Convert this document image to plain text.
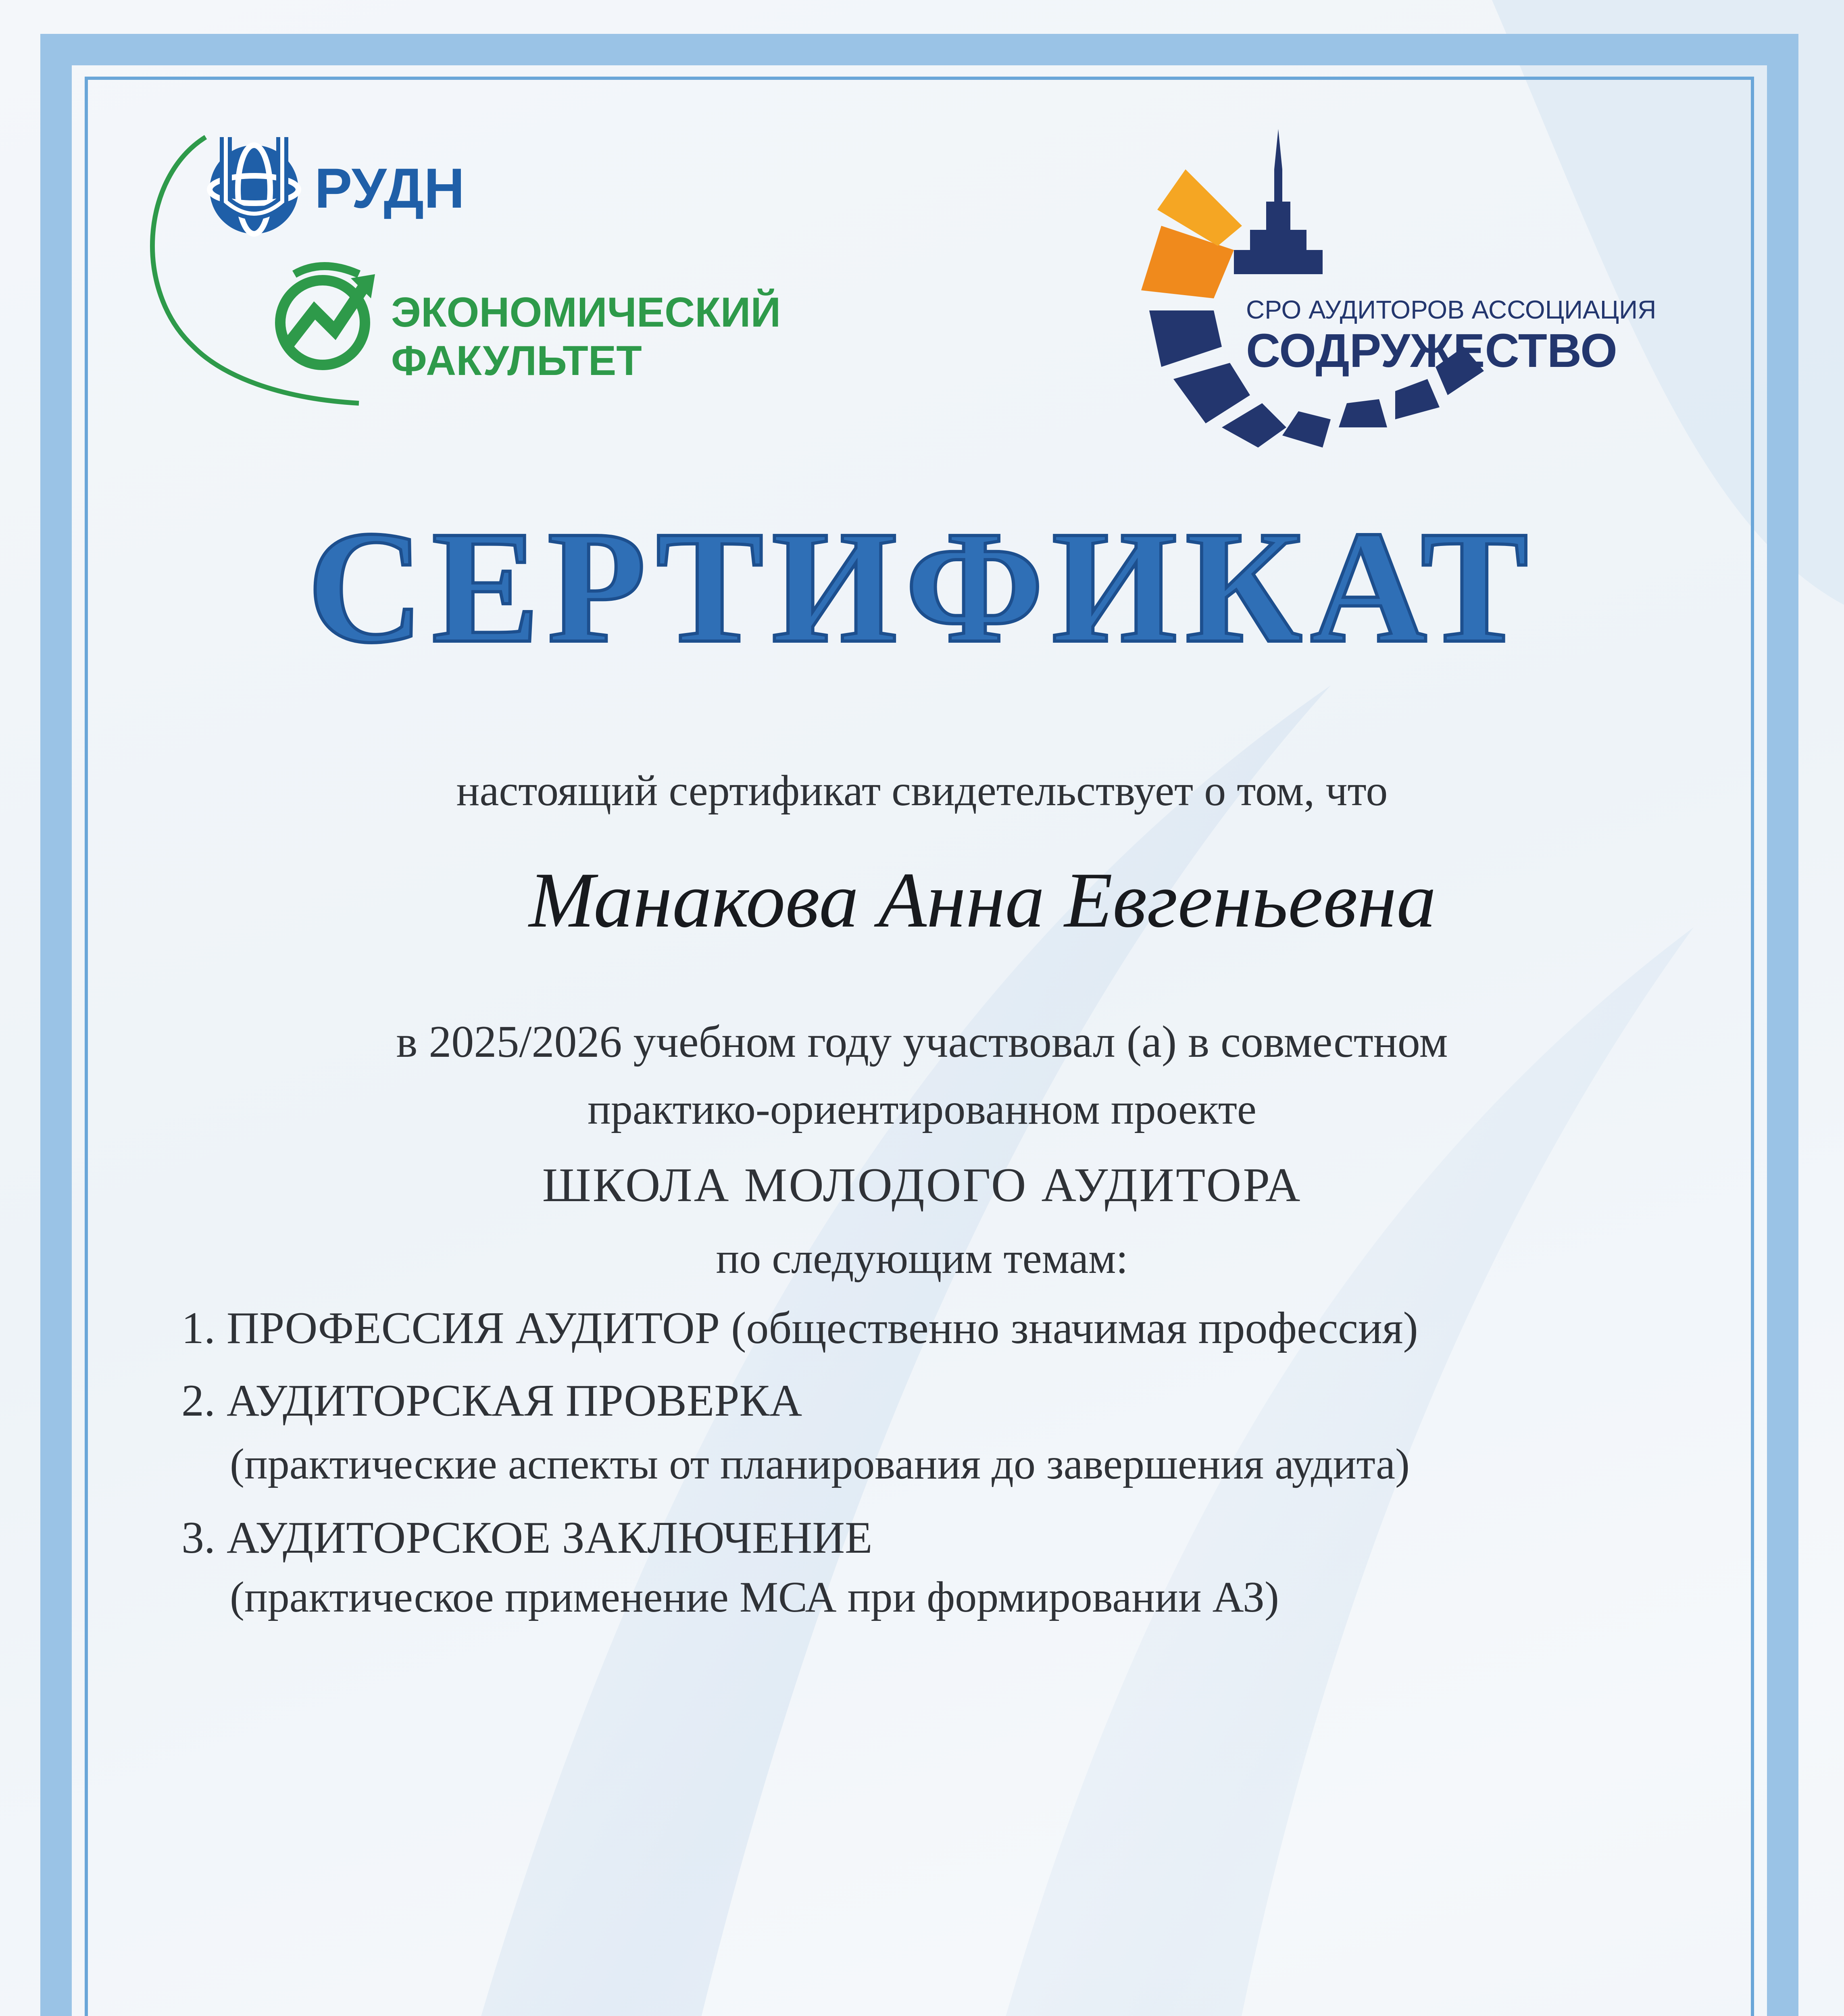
РУДН
ЭКОНОМИЧЕСКИЙ
ФАКУЛЬТЕТ
СРО АУДИТОРОВ АССОЦИАЦИЯ
СОДРУЖЕСТВО
СЕРТИФИКАТ
настоящий сертификат свидетельствует о том, что
Манакова Анна Евгеньевна
в 2025/2026 учебном году участвовал (а) в совместном
практико-ориентированном проекте
ШКОЛА МОЛОДОГО АУДИТОРА
по следующим темам:
1. ПРОФЕССИЯ АУДИТОР (общественно значимая профессия)
2. АУДИТОРСКАЯ ПРОВЕРКА
(практические аспекты от планирования до завершения аудита)
3. АУДИТОРСКОЕ ЗАКЛЮЧЕНИЕ
(практическое применение МСА при формировании АЗ)
